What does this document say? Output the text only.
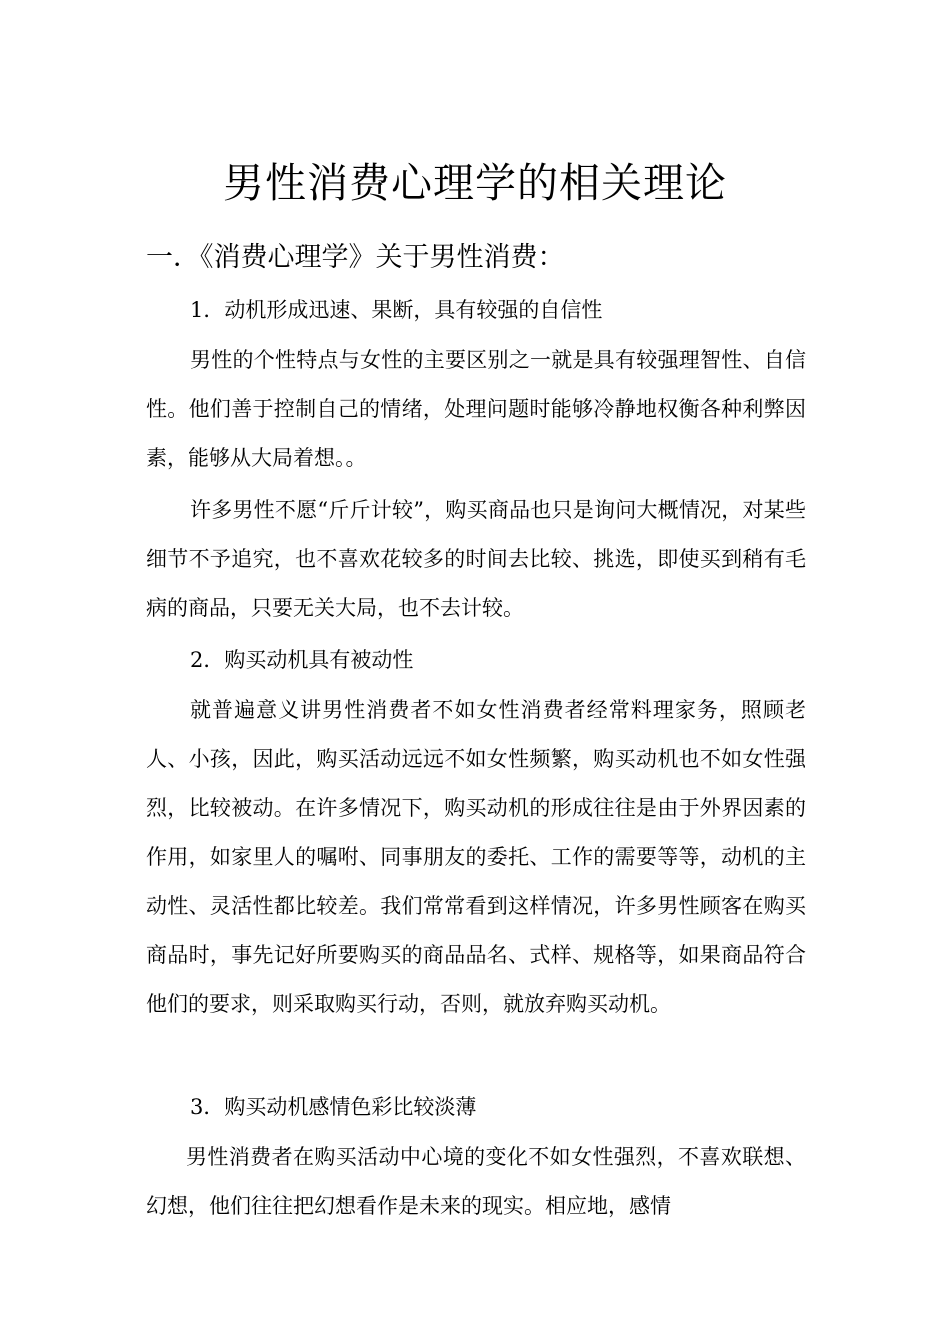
男性消费心理学的相关理论
一．《消费心理学》关于男性消费：

1．动机形成迅速、果断，具有较强的自信性

男性的个性特点与女性的主要区别之一就是具有较强理智性、自信性。他们善于控制自己的情绪，处理问题时能够冷静地权衡各种利弊因素，能够从大局着想。。

许多男性不愿“斤斤计较”，购买商品也只是询问大概情况，对某些细节不予追究，也不喜欢花较多的时间去比较、挑选，即使买到稍有毛病的商品，只要无关大局，也不去计较。

2．购买动机具有被动性

就普遍意义讲男性消费者不如女性消费者经常料理家务，照顾老人、小孩，因此，购买活动远远不如女性频繁，购买动机也不如女性强烈，比较被动。在许多情况下，购买动机的形成往往是由于外界因素的作用，如家里人的嘱咐、同事朋友的委托、工作的需要等等，动机的主动性、灵活性都比较差。我们常常看到这样情况，许多男性顾客在购买商品时，事先记好所要购买的商品品名、式样、规格等，如果商品符合他们的要求，则采取购买行动，否则，就放弃购买动机。

3．购买动机感情色彩比较淡薄

男性消费者在购买活动中心境的变化不如女性强烈，不喜欢联想、幻想，他们往往把幻想看作是未来的现实。相应地，感情
